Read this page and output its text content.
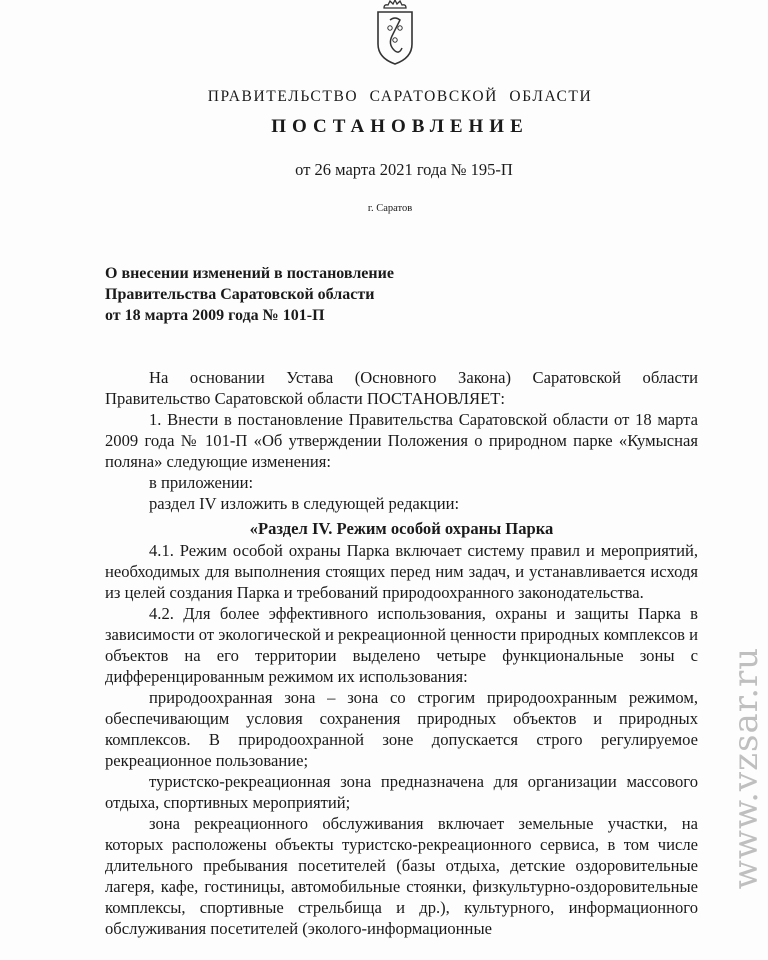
ПРАВИТЕЛЬСТВО САРАТОВСКОЙ ОБЛАСТИ
ПОСТАНОВЛЕНИЕ
от 26 марта 2021 года № 195-П
г. Саратов
О внесении изменений в постановление
Правительства Саратовской области
от 18 марта 2009 года № 101-П

На основании Устава (Основного Закона) Саратовской области Правительство Саратовской области ПОСТАНОВЛЯЕТ:

1. Внести в постановление Правительства Саратовской области от 18 марта 2009 года № 101-П «Об утверждении Положения о природном парке «Кумысная поляна» следующие изменения:

в приложении:

раздел IV изложить в следующей редакции:

«Раздел IV. Режим особой охраны Парка

4.1. Режим особой охраны Парка включает систему правил и мероприятий, необходимых для выполнения стоящих перед ним задач, и устанавливается исходя из целей создания Парка и требований природоохранного законодательства.

4.2. Для более эффективного использования, охраны и защиты Парка в зависимости от экологической и рекреационной ценности природных комплексов и объектов на его территории выделено четыре функциональные зоны с дифференцированным режимом их использования:

природоохранная зона – зона со строгим природоохранным режимом, обеспечивающим условия сохранения природных объектов и природных комплексов. В природоохранной зоне допускается строго регулируемое рекреационное пользование;

туристско-рекреационная зона предназначена для организации массового отдыха, спортивных мероприятий;

зона рекреационного обслуживания включает земельные участки, на которых расположены объекты туристско-рекреационного сервиса, в том числе длительного пребывания посетителей (базы отдыха, детские оздоровительные лагеря, кафе, гостиницы, автомобильные стоянки, физкультурно-оздоровительные комплексы, спортивные стрельбища и др.), культурного, информационного обслуживания посетителей (эколого-информационные

www.vzsar.ru
